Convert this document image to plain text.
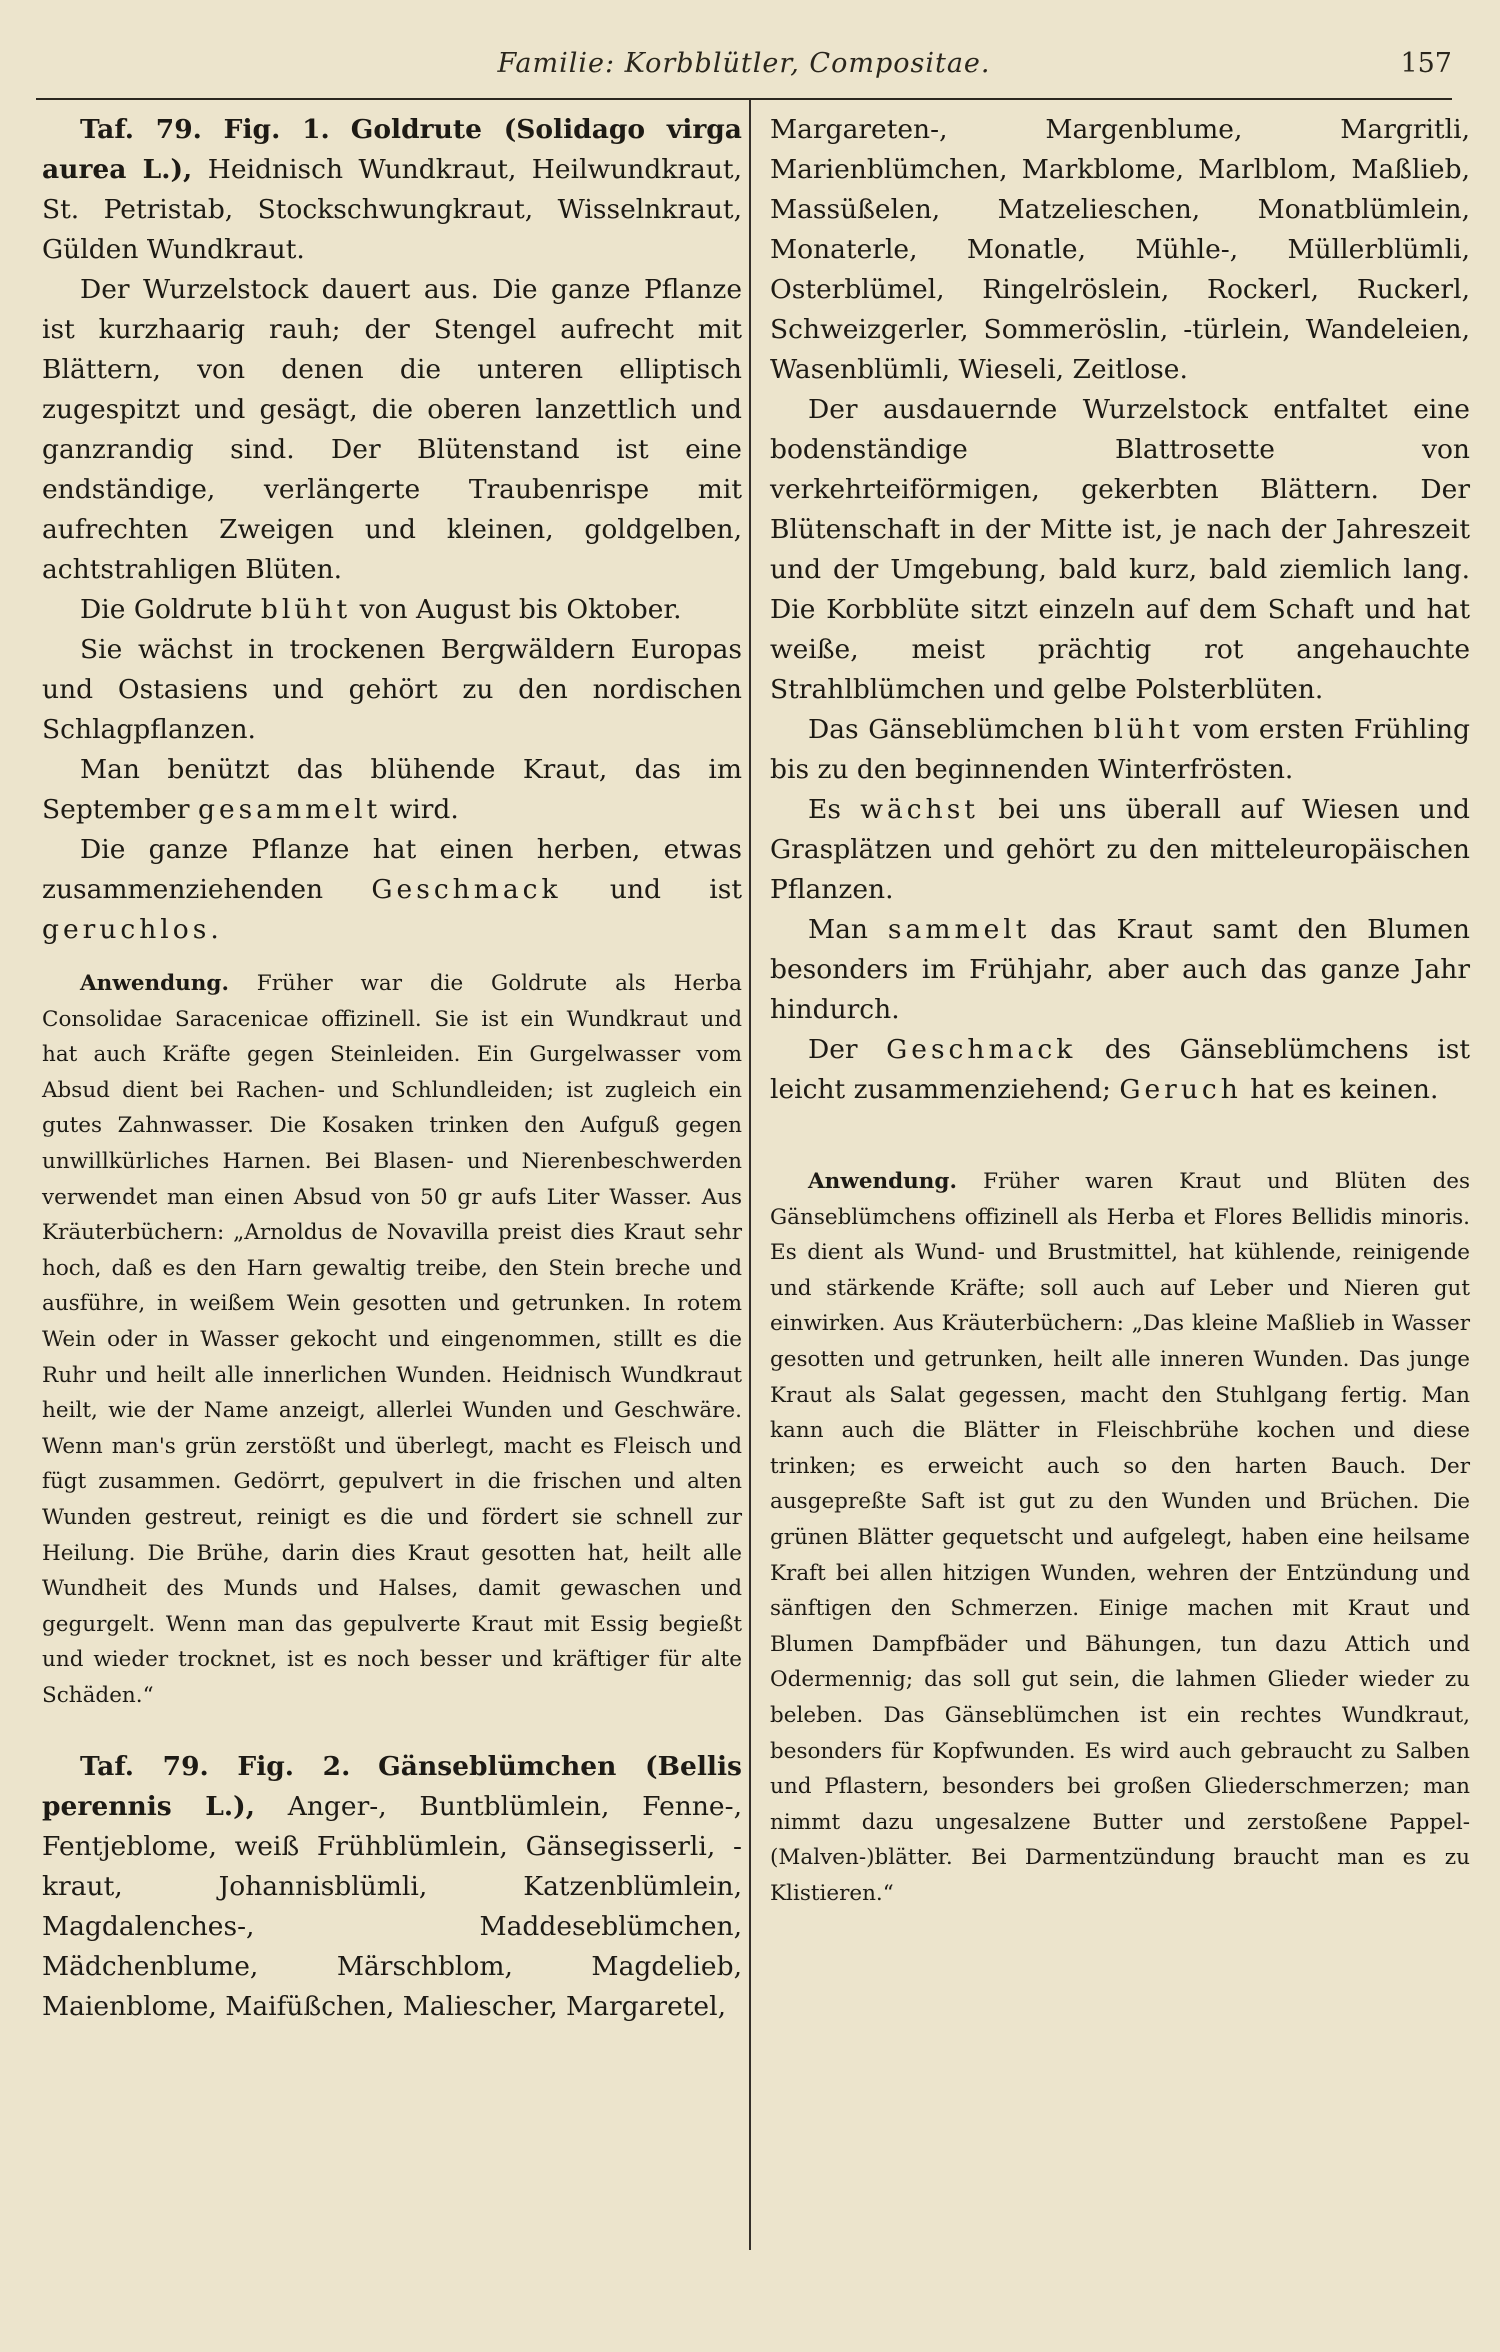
Familie: Korbblütler, Compositae.	157

Taf. 79. Fig. 1. Goldrute (Solidago virga aurea L.), Heidnisch Wundkraut, Heilwundkraut, St. Petristab, Stockschwungkraut, Wisselnkraut, Gülden Wundkraut.

Der Wurzelstock dauert aus. Die ganze Pflanze ist kurzhaarig rauh; der Stengel aufrecht mit Blättern, von denen die unteren elliptisch zugespitzt und gesägt, die oberen lanzettlich und ganzrandig sind. Der Blütenstand ist eine endständige, verlängerte Traubenrispe mit aufrechten Zweigen und kleinen, goldgelben, achtstrahligen Blüten.

Die Goldrute blüht von August bis Oktober.

Sie wächst in trockenen Bergwäldern Europas und Ostasiens und gehört zu den nordischen Schlagpflanzen.

Man benützt das blühende Kraut, das im September gesammelt wird.

Die ganze Pflanze hat einen herben, etwas zusammenziehenden Geschmack und ist geruchlos.

Anwendung. Früher war die Goldrute als Herba Consolidae Saracenicae offizinell. Sie ist ein Wundkraut und hat auch Kräfte gegen Steinleiden. Ein Gurgelwasser vom Absud dient bei Rachen- und Schlundleiden; ist zugleich ein gutes Zahnwasser. Die Kosaken trinken den Aufguß gegen unwillkürliches Harnen. Bei Blasen- und Nierenbeschwerden verwendet man einen Absud von 50 gr aufs Liter Wasser. Aus Kräuterbüchern: „Arnoldus de Novavilla preist dies Kraut sehr hoch, daß es den Harn gewaltig treibe, den Stein breche und ausführe, in weißem Wein gesotten und getrunken. In rotem Wein oder in Wasser gekocht und eingenommen, stillt es die Ruhr und heilt alle innerlichen Wunden. Heidnisch Wundkraut heilt, wie der Name anzeigt, allerlei Wunden und Geschwäre. Wenn man's grün zerstößt und überlegt, macht es Fleisch und fügt zusammen. Gedörrt, gepulvert in die frischen und alten Wunden gestreut, reinigt es die und fördert sie schnell zur Heilung. Die Brühe, darin dies Kraut gesotten hat, heilt alle Wundheit des Munds und Halses, damit gewaschen und gegurgelt. Wenn man das gepulverte Kraut mit Essig begießt und wieder trocknet, ist es noch besser und kräftiger für alte Schäden.“

Taf. 79. Fig. 2. Gänseblümchen (Bellis perennis L.), Anger-, Buntblümlein, Fenne-, Fentjeblome, weiß Frühblümlein, Gänsegisserli, -kraut, Johannisblümli, Katzenblümlein, Magdalenches-, Maddeseblümchen, Mädchenblume, Märschblom, Magdelieb, Maienblome, Maifüßchen, Maliescher, Margaretel,

Margareten-, Margenblume, Margritli, Marienblümchen, Markblome, Marlblom, Maßlieb, Massüßelen, Matzelieschen, Monatblümlein, Monaterle, Monatle, Mühle-, Müllerblümli, Osterblümel, Ringelröslein, Rockerl, Ruckerl, Schweizgerler, Sommeröslin, -türlein, Wandeleien, Wasenblümli, Wieseli, Zeitlose.

Der ausdauernde Wurzelstock entfaltet eine bodenständige Blattrosette von verkehrteiförmigen, gekerbten Blättern. Der Blütenschaft in der Mitte ist, je nach der Jahreszeit und der Umgebung, bald kurz, bald ziemlich lang. Die Korbblüte sitzt einzeln auf dem Schaft und hat weiße, meist prächtig rot angehauchte Strahlblümchen und gelbe Polsterblüten.

Das Gänseblümchen blüht vom ersten Frühling bis zu den beginnenden Winterfrösten.

Es wächst bei uns überall auf Wiesen und Grasplätzen und gehört zu den mitteleuropäischen Pflanzen.

Man sammelt das Kraut samt den Blumen besonders im Frühjahr, aber auch das ganze Jahr hindurch.

Der Geschmack des Gänseblümchens ist leicht zusammenziehend; Geruch hat es keinen.

Anwendung. Früher waren Kraut und Blüten des Gänseblümchens offizinell als Herba et Flores Bellidis minoris. Es dient als Wund- und Brustmittel, hat kühlende, reinigende und stärkende Kräfte; soll auch auf Leber und Nieren gut einwirken. Aus Kräuterbüchern: „Das kleine Maßlieb in Wasser gesotten und getrunken, heilt alle inneren Wunden. Das junge Kraut als Salat gegessen, macht den Stuhlgang fertig. Man kann auch die Blätter in Fleischbrühe kochen und diese trinken; es erweicht auch so den harten Bauch. Der ausgepreßte Saft ist gut zu den Wunden und Brüchen. Die grünen Blätter gequetscht und aufgelegt, haben eine heilsame Kraft bei allen hitzigen Wunden, wehren der Entzündung und sänftigen den Schmerzen. Einige machen mit Kraut und Blumen Dampfbäder und Bähungen, tun dazu Attich und Odermennig; das soll gut sein, die lahmen Glieder wieder zu beleben. Das Gänseblümchen ist ein rechtes Wundkraut, besonders für Kopfwunden. Es wird auch gebraucht zu Salben und Pflastern, besonders bei großen Gliederschmerzen; man nimmt dazu ungesalzene Butter und zerstoßene Pappel- (Malven-)blätter. Bei Darmentzündung braucht man es zu Klistieren.“
